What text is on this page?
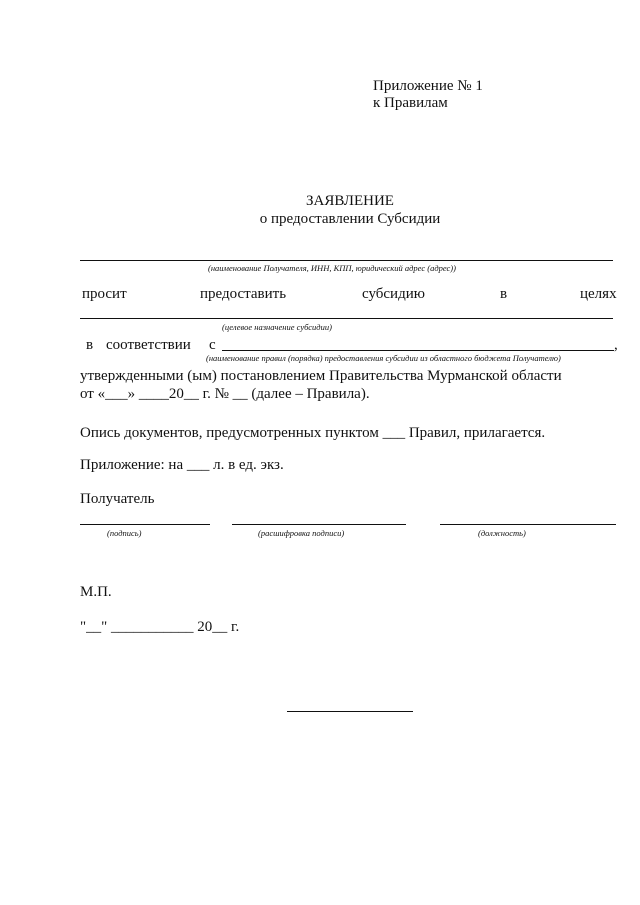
Приложение № 1
к Правилам
ЗАЯВЛЕНИЕ
о предоставлении Субсидии
(наименование Получателя, ИНН, КПП, юридический адрес (адрес))
просит	предоставить	субсидию	в	целях
(целевое назначение субсидии)
в соответствии с	,
(наименование правил (порядка) предоставления субсидии из областного бюджета Получателю)
утвержденными (ым) постановлением Правительства Мурманской области
от «___» ____20__ г. № __ (далее – Правила).
Опись документов, предусмотренных пунктом ___ Правил, прилагается.
Приложение: на ___ л. в ед. экз.
Получатель
(подпись)	(расшифровка подписи)	(должность)
М.П.
"__" ___________ 20__ г.
